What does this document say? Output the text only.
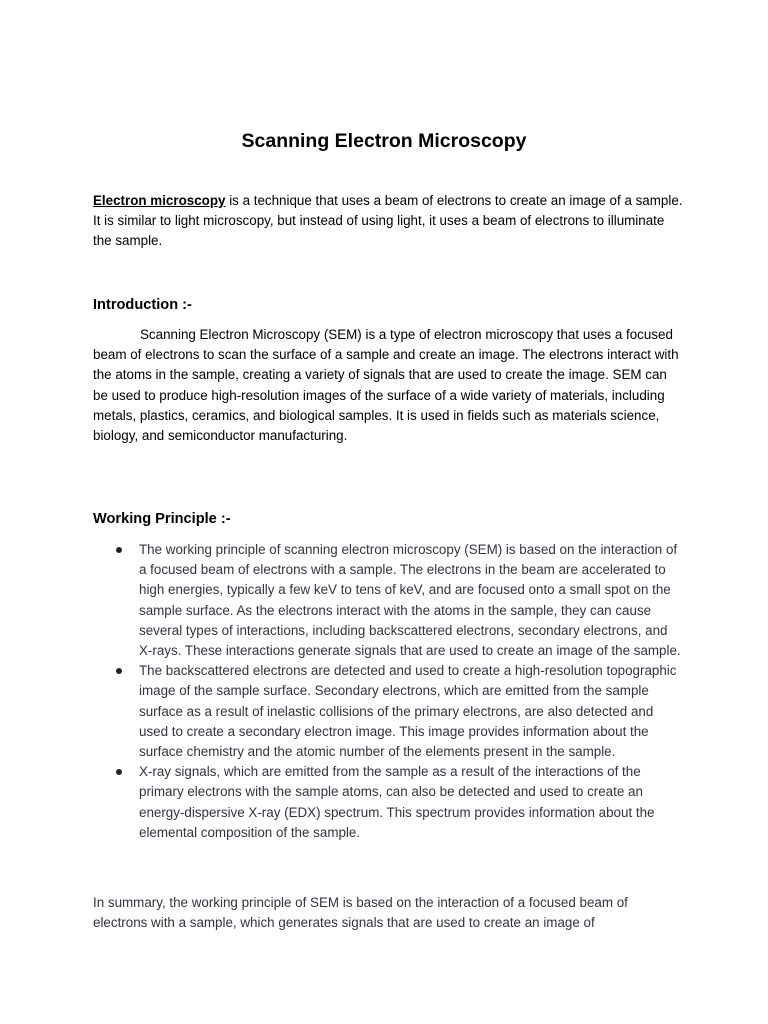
Scanning Electron Microscopy
Electron microscopy is a technique that uses a beam of electrons to create an image of a sample. It is similar to light microscopy, but instead of using light, it uses a beam of electrons to illuminate the sample.
Introduction :-
Scanning Electron Microscopy (SEM) is a type of electron microscopy that uses a focused beam of electrons to scan the surface of a sample and create an image. The electrons interact with the atoms in the sample, creating a variety of signals that are used to create the image. SEM can be used to produce high-resolution images of the surface of a wide variety of materials, including metals, plastics, ceramics, and biological samples. It is used in fields such as materials science, biology, and semiconductor manufacturing.
Working Principle :-
The working principle of scanning electron microscopy (SEM) is based on the interaction of a focused beam of electrons with a sample. The electrons in the beam are accelerated to high energies, typically a few keV to tens of keV, and are focused onto a small spot on the sample surface. As the electrons interact with the atoms in the sample, they can cause several types of interactions, including backscattered electrons, secondary electrons, and X-rays. These interactions generate signals that are used to create an image of the sample.
The backscattered electrons are detected and used to create a high-resolution topographic image of the sample surface. Secondary electrons, which are emitted from the sample surface as a result of inelastic collisions of the primary electrons, are also detected and used to create a secondary electron image. This image provides information about the surface chemistry and the atomic number of the elements present in the sample.
X-ray signals, which are emitted from the sample as a result of the interactions of the primary electrons with the sample atoms, can also be detected and used to create an energy-dispersive X-ray (EDX) spectrum. This spectrum provides information about the elemental composition of the sample.
In summary, the working principle of SEM is based on the interaction of a focused beam of electrons with a sample, which generates signals that are used to create an image of
